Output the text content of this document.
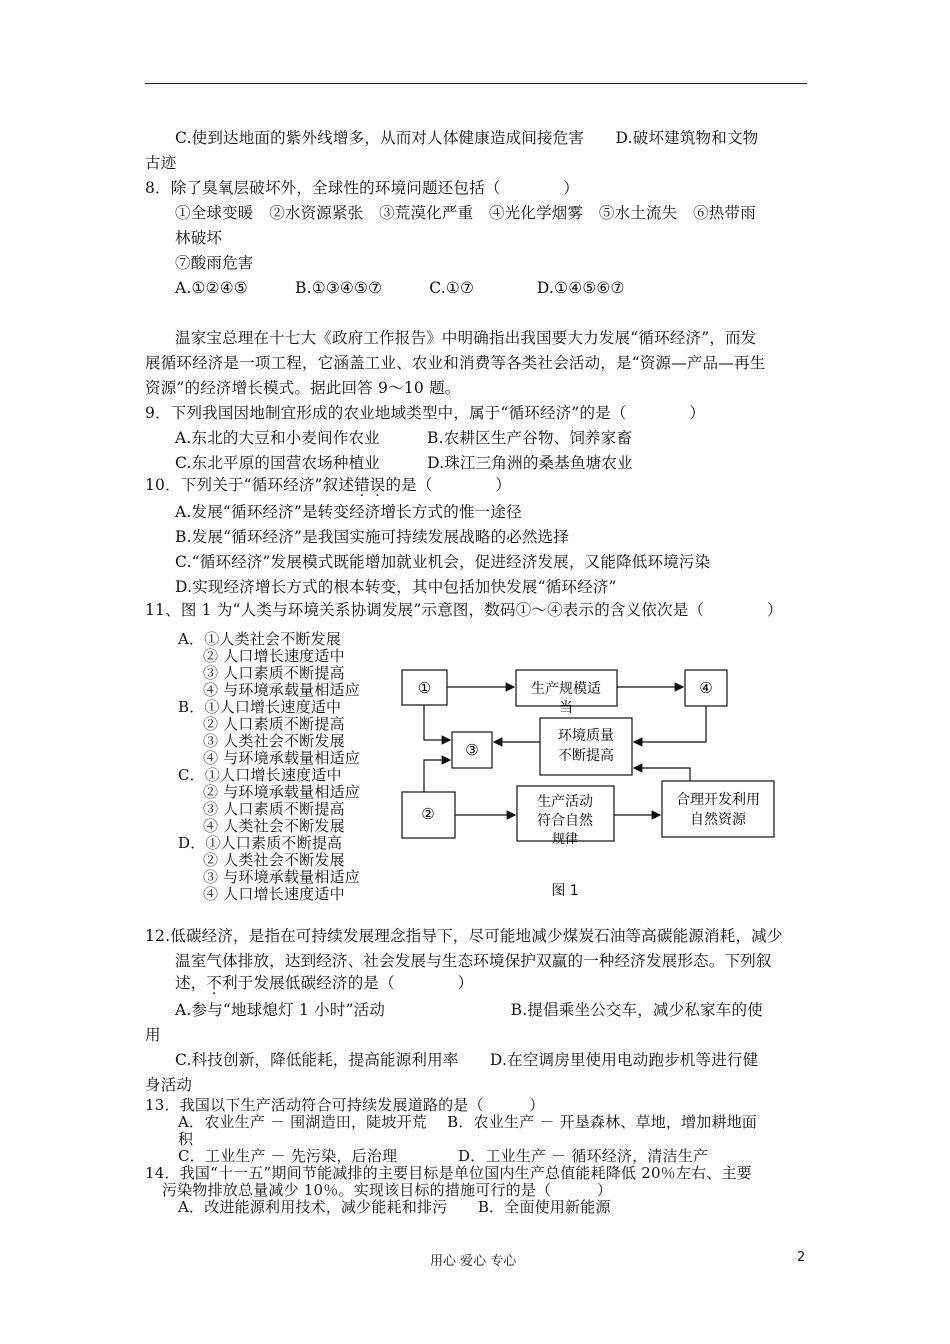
C.使到达地面的紫外线增多，从而对人体健康造成间接危害　　D.破坏建筑物和文物
古迹
8．除了臭氧层破坏外，全球性的环境问题还包括（　　　　）
①全球变暖　②水资源紧张　③荒漠化严重　④光化学烟雾　⑤水土流失　⑥热带雨
林破坏
⑦酸雨危害
A.①②④⑤　　　B.①③④⑤⑦　　　C.①⑦　　　　D.①④⑤⑥⑦
温家宝总理在十七大《政府工作报告》中明确指出我国要大力发展“循环经济”，而发
展循环经济是一项工程，它涵盖工业、农业和消费等各类社会活动，是“资源—产品—再生
资源”的经济增长模式。据此回答 9～10 题。
9．下列我国因地制宜形成的农业地域类型中，属于“循环经济”的是（　　　　）
A.东北的大豆和小麦间作农业　　　B.农耕区生产谷物、饲养家畜
C.东北平原的国营农场种植业　　　D.珠江三角洲的桑基鱼塘农业
10．下列关于“循环经济”叙述错误的是（　　　　）
A.发展“循环经济”是转变经济增长方式的惟一途径
B.发展“循环经济”是我国实施可持续发展战略的必然选择
C.“循环经济”发展模式既能增加就业机会，促进经济发展，又能降低环境污染
D.实现经济增长方式的根本转变，其中包括加快发展“循环经济”
11、图 1 为“人类与环境关系协调发展”示意图，数码①～④表示的含义依次是（　　　　）
A．①人类社会不断发展
② 人口增长速度适中
③ 人口素质不断提高
④ 与环境承载量相适应
B．①人口增长速度适中
② 人口素质不断提高
③ 人类社会不断发展
④ 与环境承载量相适应
C．①人口增长速度适中
② 与环境承载量相适应
③ 人口素质不断提高
④ 人类社会不断发展
D．①人口素质不断提高
② 人类社会不断发展
③ 与环境承载量相适应
④ 人口增长速度适中
①	生产规模适
当
④
③
环境质量
不断提高
②
生产活动
符合自然
规律
合理开发利用
自然资源
图 1
12.低碳经济，是指在可持续发展理念指导下，尽可能地减少煤炭石油等高碳能源消耗，减少
温室气体排放，达到经济、社会发展与生态环境保护双赢的一种经济发展形态。下列叙
述，不利于发展低碳经济的是（　　　　）
A.参与“地球熄灯 1 小时”活动　　　　　　　　B.提倡乘坐公交车，减少私家车的使
用
C.科技创新，降低能耗，提高能源利用率　　D.在空调房里使用电动跑步机等进行健
身活动
13．我国以下生产活动符合可持续发展道路的是（　　　）
A．农业生产 － 围湖造田，陡坡开荒　 B．农业生产 － 开垦森林、草地，增加耕地面
积
C．工业生产 － 先污染，后治理　　　　D．工业生产 － 循环经济，清洁生产
14．我国“十一五”期间节能减排的主要目标是单位国内生产总值能耗降低 20％左右、主要
污染物排放总量减少 10％。实现该目标的措施可行的是（　　　）
A．改进能源利用技术，减少能耗和排污　　B．全面使用新能源
用心 爱心 专心	2
